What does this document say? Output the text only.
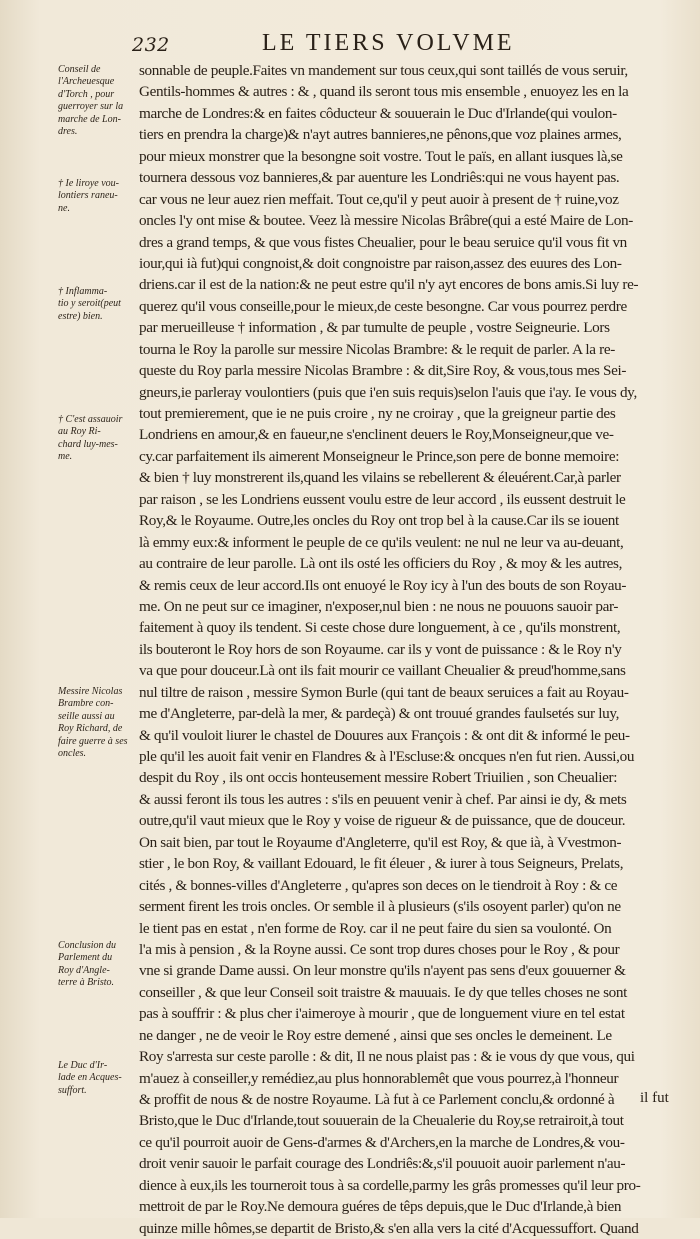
232	LE TIERS VOLVME
Conseil de
l'Archeuesque
d'Torch , pour
guerroyer sur la
marche de Lon-
dres.
† Ie liroye vou-
lontiers raneu-
ne.
† Inflamma-
tio y seroit(peut
estre) bien.
† C'est assauoir
au Roy Ri-
chard luy-mes-
me.
Messire Nicolas
Brambre con-
seille aussi au
Roy Richard, de
faire guerre à ses
oncles.
Conclusion du
Parlement du
Roy d'Angle-
terre à Bristo.
Le Duc d'Ir-
lade en Acques-
suffort.
sonnable de peuple.Faites vn mandement sur tous ceux,qui sont taillés de vous seruir,
Gentils-hommes & autres : & , quand ils seront tous mis ensemble , enuoyez les en la
marche de Londres:& en faites côducteur & souuerain le Duc d'Irlande(qui voulon-
tiers en prendra la charge)& n'ayt autres bannieres,ne pênons,que voz plaines armes,
pour mieux monstrer que la besongne soit vostre. Tout le païs, en allant iusques là,se
tournera dessous voz bannieres,& par auenture les Londriês:qui ne vous hayent pas.
car vous ne leur auez rien meffait. Tout ce,qu'il y peut auoir à present de † ruine,voz
oncles l'y ont mise & boutee. Veez là messire Nicolas Brâbre(qui a esté Maire de Lon-
dres a grand temps, & que vous fistes Cheualier, pour le beau seruice qu'il vous fit vn
iour,qui ià fut)qui congnoist,& doit congnoistre par raison,assez des euures des Lon-
driens.car il est de la nation:& ne peut estre qu'il n'y ayt encores de bons amis.Si luy re-
querez qu'il vous conseille,pour le mieux,de ceste besongne. Car vous pourrez perdre
par merueilleuse † information , & par tumulte de peuple , vostre Seigneurie. Lors
tourna le Roy la parolle sur messire Nicolas Brambre: & le requit de parler. A la re-
queste du Roy parla messire Nicolas Brambre : & dit,Sire Roy, & vous,tous mes Sei-
gneurs,ie parleray voulontiers (puis que i'en suis requis)selon l'auis que i'ay. Ie vous dy,
tout premierement, que ie ne puis croire , ny ne croiray , que la greigneur partie des
Londriens en amour,& en faueur,ne s'enclinent deuers le Roy,Monseigneur,que ve-
cy.car parfaitement ils aimerent Monseigneur le Prince,son pere de bonne memoire:
& bien † luy monstrerent ils,quand les vilains se rebellerent & éleuérent.Car,à parler
par raison , se les Londriens eussent voulu estre de leur accord , ils eussent destruit le
Roy,& le Royaume. Outre,les oncles du Roy ont trop bel à la cause.Car ils se iouent
là emmy eux:& informent le peuple de ce qu'ils veulent: ne nul ne leur va au-deuant,
au contraire de leur parolle. Là ont ils osté les officiers du Roy , & moy & les autres,
& remis ceux de leur accord.Ils ont enuoyé le Roy icy à l'un des bouts de son Royau-
me. On ne peut sur ce imaginer, n'exposer,nul bien : ne nous ne pouuons sauoir par-
faitement à quoy ils tendent. Si ceste chose dure longuement, à ce , qu'ils monstrent,
ils bouteront le Roy hors de son Royaume. car ils y vont de puissance : & le Roy n'y
va que pour douceur.Là ont ils fait mourir ce vaillant Cheualier & preud'homme,sans
nul tiltre de raison , messire Symon Burle (qui tant de beaux seruices a fait au Royau-
me d'Angleterre, par-delà la mer, & pardeçà) & ont trouué grandes faulsetés sur luy,
& qu'il vouloit liurer le chastel de Douures aux François : & ont dit & informé le peu-
ple qu'il les auoit fait venir en Flandres & à l'Escluse:& oncques n'en fut rien. Aussi,ou
despit du Roy , ils ont occis honteusement messire Robert Triuilien , son Cheualier:
& aussi feront ils tous les autres : s'ils en peuuent venir à chef. Par ainsi ie dy, & mets
outre,qu'il vaut mieux que le Roy y voise de rigueur & de puissance, que de douceur.
On sait bien, par tout le Royaume d'Angleterre, qu'il est Roy, & que ià, à Vvestmon-
stier , le bon Roy, & vaillant Edouard, le fit éleuer , & iurer à tous Seigneurs, Prelats,
cités , & bonnes-villes d'Angleterre , qu'apres son deces on le tiendroit à Roy : & ce
serment firent les trois oncles. Or semble il à plusieurs (s'ils osoyent parler) qu'on ne
le tient pas en estat , n'en forme de Roy. car il ne peut faire du sien sa voulonté. On
l'a mis à pension , & la Royne aussi. Ce sont trop dures choses pour le Roy , & pour
vne si grande Dame aussi. On leur monstre qu'ils n'ayent pas sens d'eux gouuerner &
conseiller , & que leur Conseil soit traistre & mauuais. Ie dy que telles choses ne sont
pas à souffrir : & plus cher i'aimeroye à mourir , que de longuement viure en tel estat
ne danger , ne de veoir le Roy estre demené , ainsi que ses oncles le demeinent. Le
Roy s'arresta sur ceste parolle : & dit, Il ne nous plaist pas : & ie vous dy que vous, qui
m'auez à conseiller,y remédiez,au plus honnorablemêt que vous pourrez,à l'honneur
& proffit de nous & de nostre Royaume. Là fut à ce Parlement conclu,& ordonné à
Bristo,que le Duc d'Irlande,tout souuerain de la Cheualerie du Roy,se retrairoit,à tout
ce qu'il pourroit auoir de Gens-d'armes & d'Archers,en la marche de Londres,& vou-
droit venir sauoir le parfait courage des Londriês:&,s'il pouuoit auoir parlement n'au-
dience à eux,ils les tourneroit tous à sa cordelle,parmy les grâs promesses qu'il leur pro-
mettroit de par le Roy.Ne demoura guéres de têps depuis,que le Duc d'Irlande,à bien
quinze mille hômes,se departit de Bristo,& s'en alla vers la cité d'Acquessuffort. Quand
il fut
